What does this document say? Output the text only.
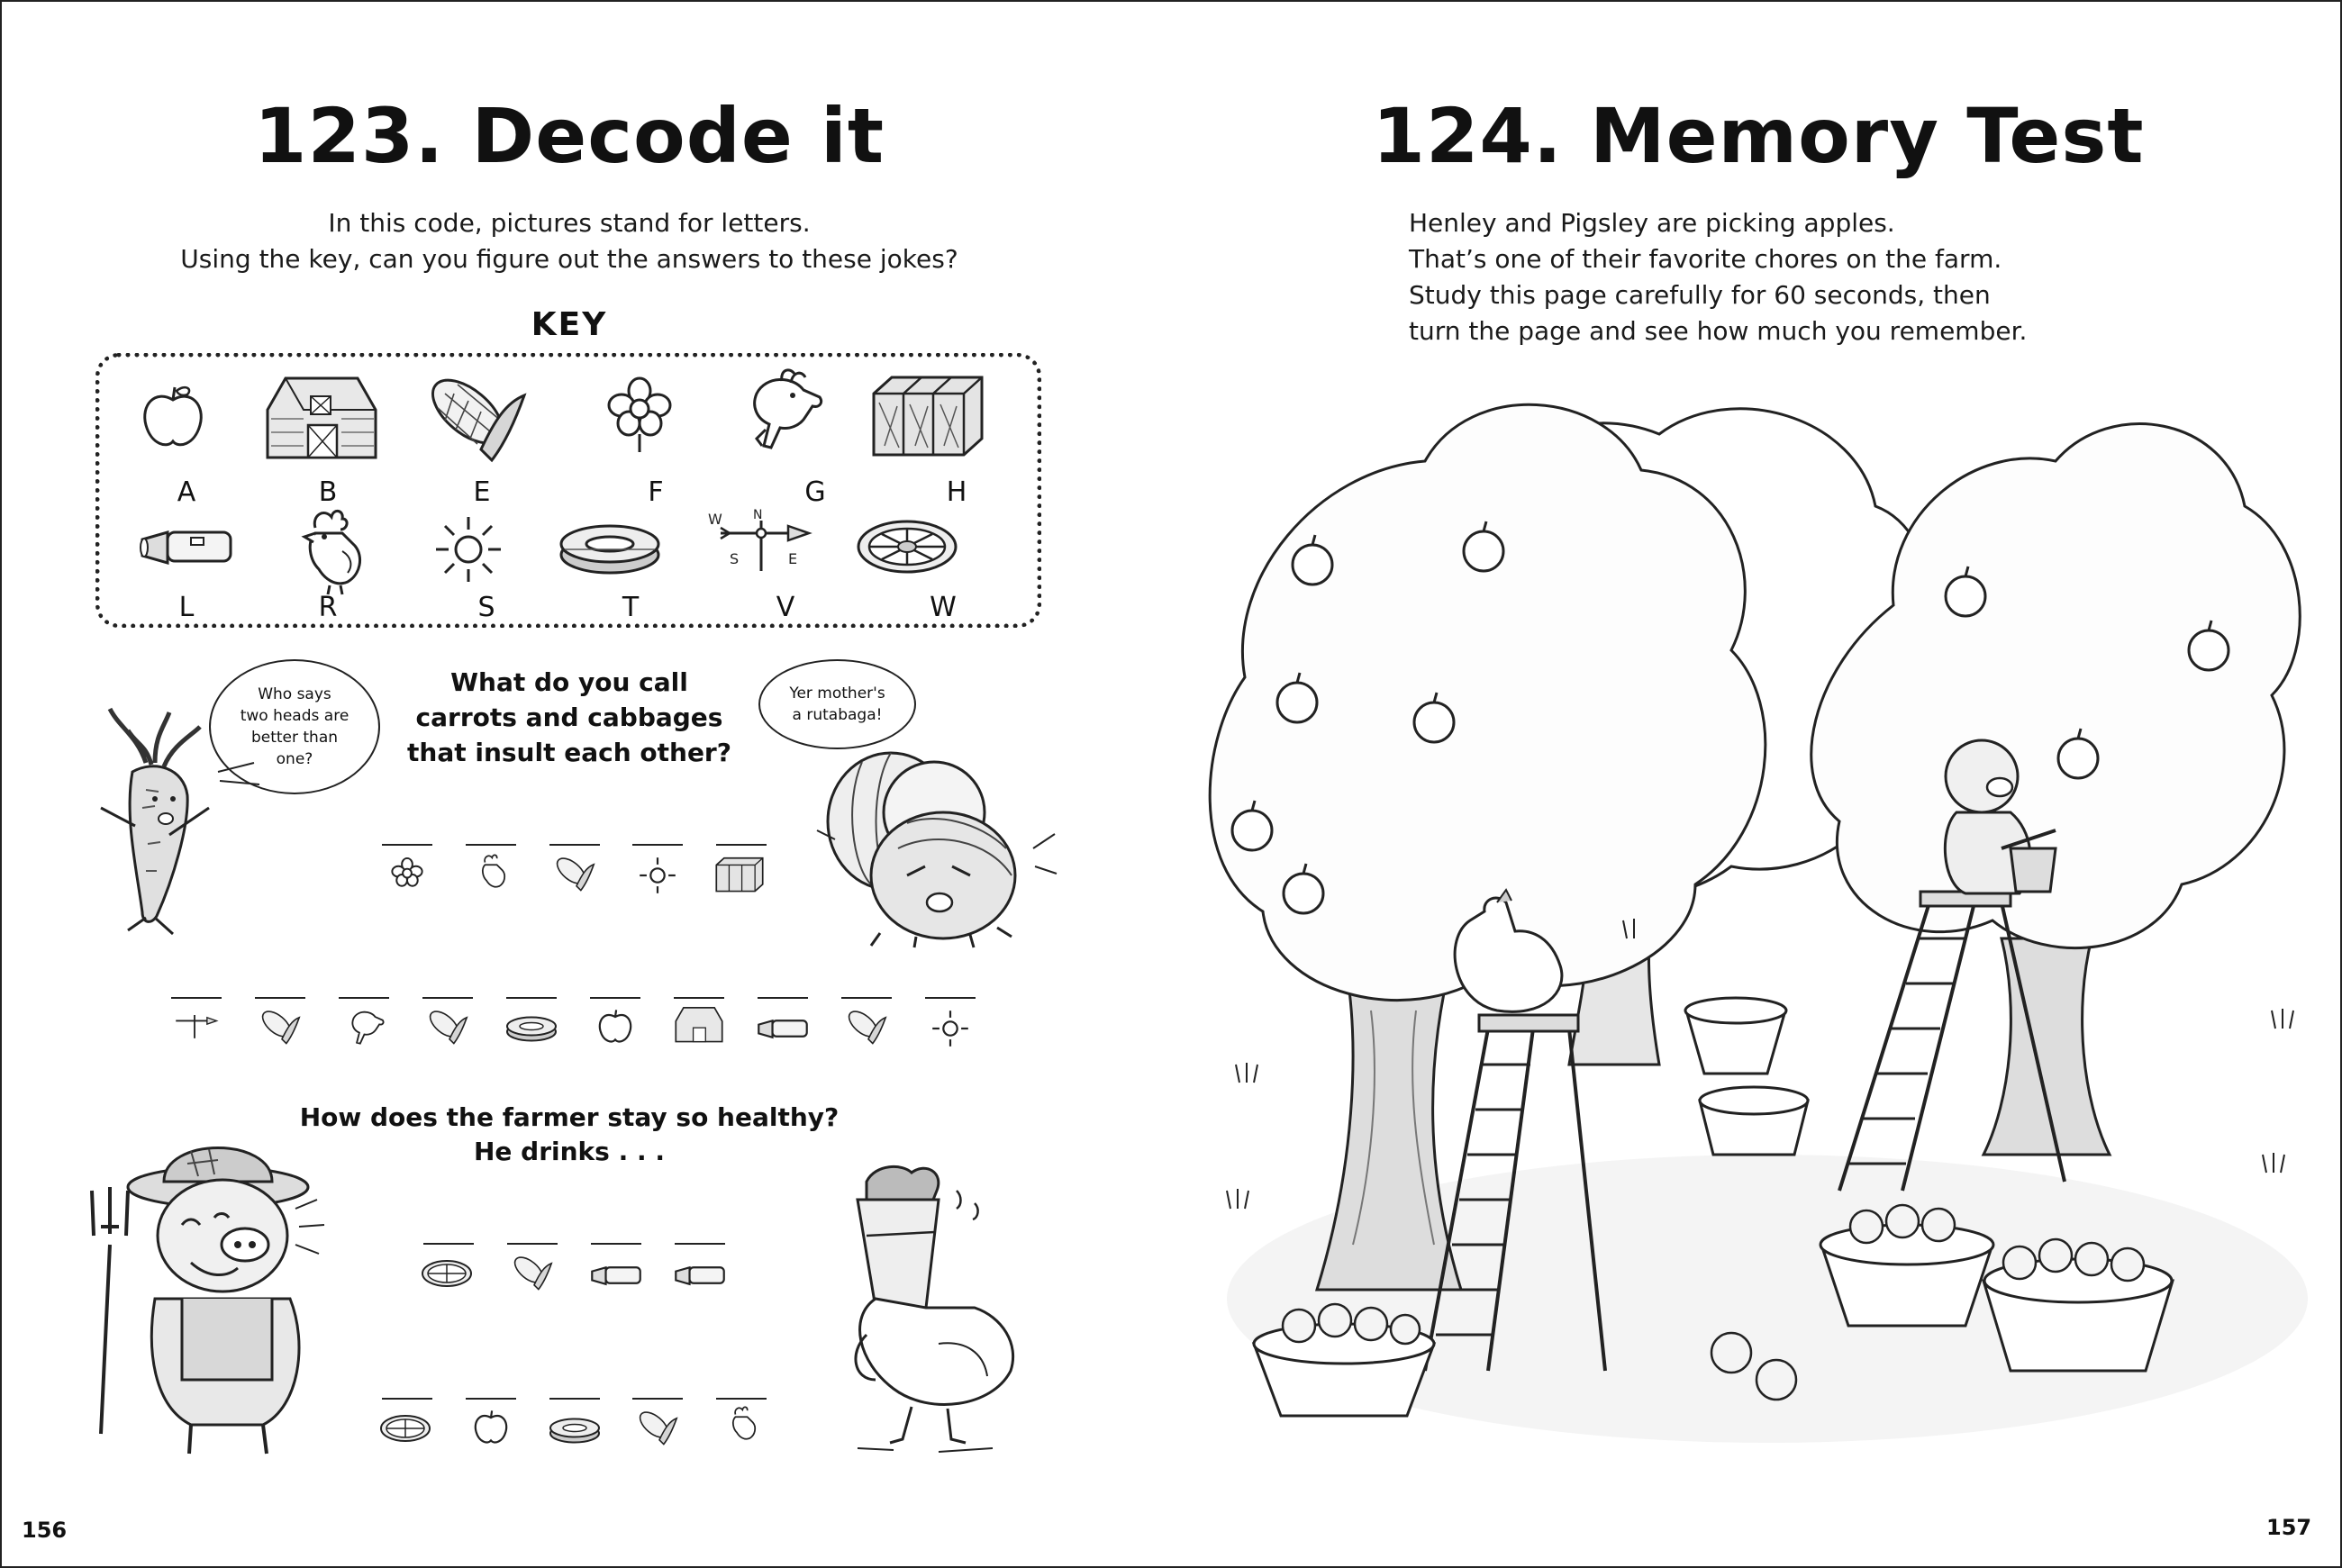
123. Decode it
In this code, pictures stand for letters.
Using the key, can you figure out the answers to these jokes?
KEY
A	B	E	F	G	H
W N
S	E
L	R	S	T	V	W
Who says
two heads are
better than
one?
What do you call
carrots and cabbages
that insult each other?
Yer mother's
a rutabaga!
How does the farmer stay so healthy?
He drinks . . .
156
124. Memory Test
Henley and Pigsley are picking apples.
That’s one of their favorite chores on the farm.
Study this page carefully for 60 seconds, then
turn the page and see how much you remember.
157
